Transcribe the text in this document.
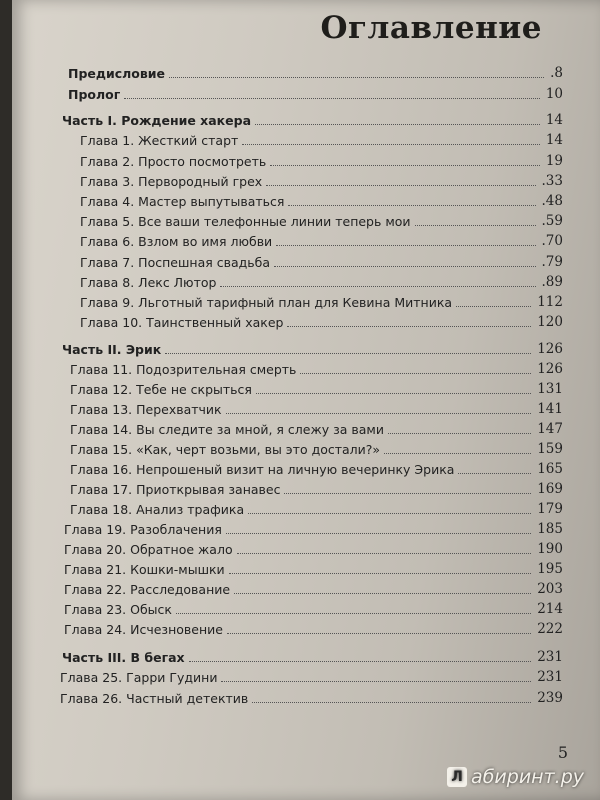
Оглавление
Предисловие	.8
Пролог	10
Часть I. Рождение хакера	14
Глава 1. Жесткий старт	14
Глава 2. Просто посмотреть	19
Глава 3. Первородный грех	.33
Глава 4. Мастер выпутываться	.48
Глава 5. Все ваши телефонные линии теперь мои	.59
Глава 6. Взлом во имя любви	.70
Глава 7. Поспешная свадьба	.79
Глава 8. Лекс Лютор	.89
Глава 9. Льготный тарифный план для Кевина Митника	112
Глава 10. Таинственный хакер	120
Часть II. Эрик	126
Глава 11. Подозрительная смерть	126
Глава 12. Тебе не скрыться	131
Глава 13. Перехватчик	141
Глава 14. Вы следите за мной, я слежу за вами	147
Глава 15. «Как, черт возьми, вы это достали?»	159
Глава 16. Непрошеный визит на личную вечеринку Эрика	165
Глава 17. Приоткрывая занавес	169
Глава 18. Анализ трафика	179
Глава 19. Разоблачения	185
Глава 20. Обратное жало	190
Глава 21. Кошки-мышки	195
Глава 22. Расследование	203
Глава 23. Обыск	214
Глава 24. Исчезновение	222
Часть III. В бегах	231
Глава 25. Гарри Гудини	231
Глава 26. Частный детектив	239
5
Л абиринт.ру
